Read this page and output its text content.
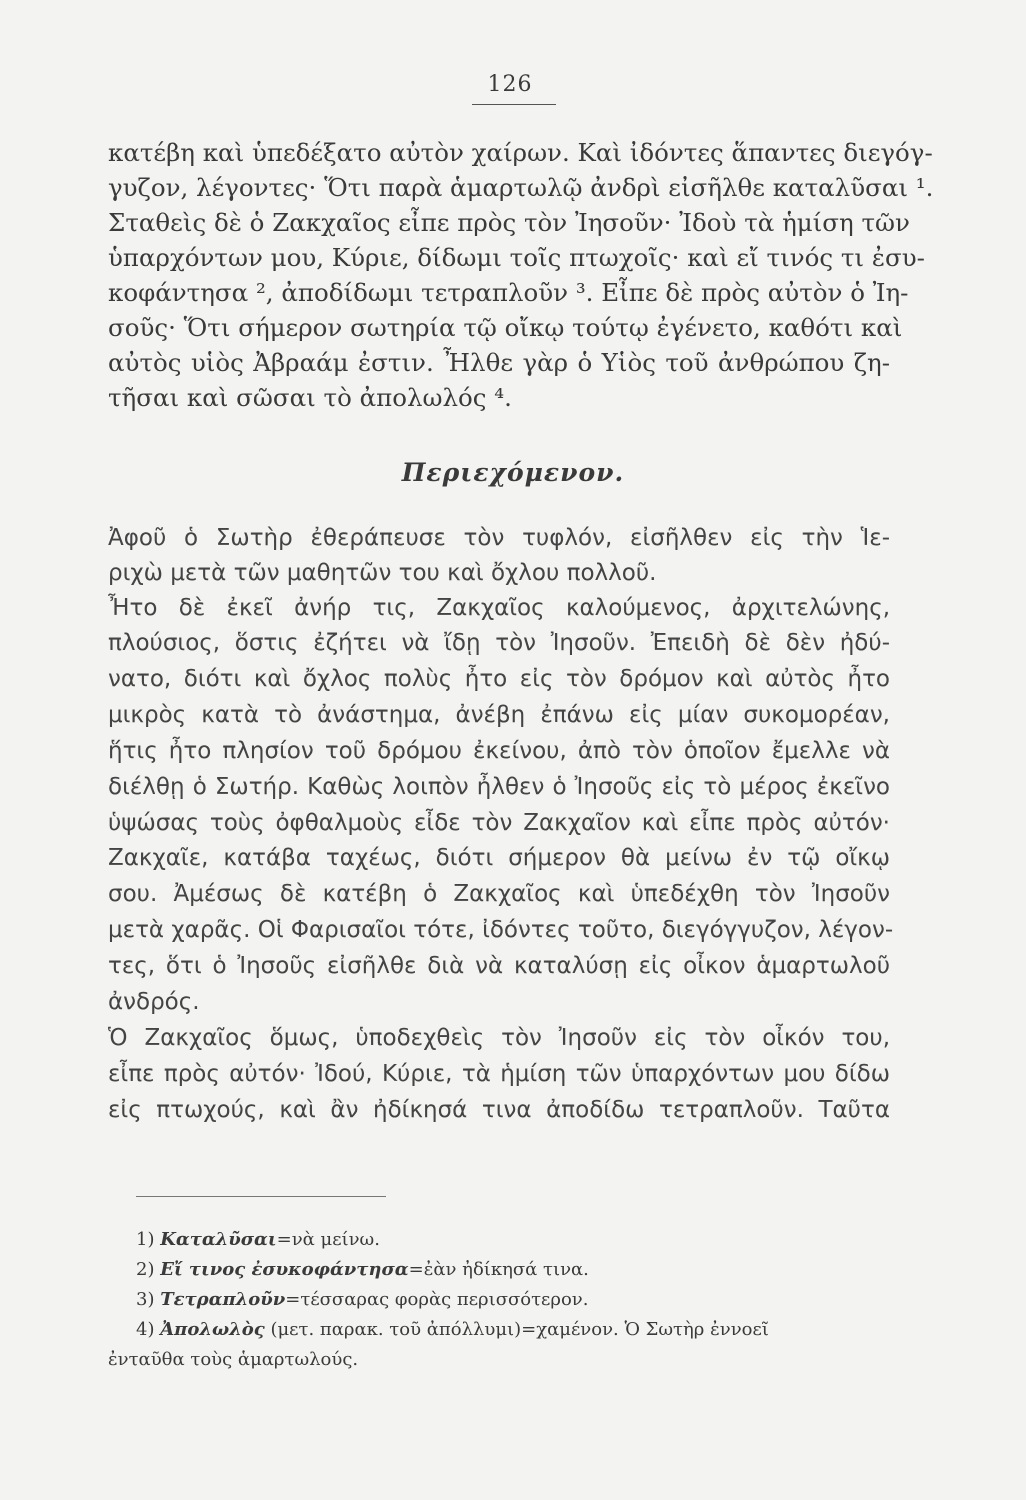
126
κατέβη καὶ ὑπεδέξατο αὐτὸν χαίρων. Καὶ ἰδόντες ἅπαντες διεγόγ-
γυζον, λέγοντες· Ὅτι παρὰ ἁμαρτωλῷ ἀνδρὶ εἰσῆλθε καταλῦσαι ¹.
Σταθεὶς δὲ ὁ Ζακχαῖος εἶπε πρὸς τὸν Ἰησοῦν· Ἰδοὺ τὰ ἡμίση τῶν
ὑπαρχόντων μου, Κύριε, δίδωμι τοῖς πτωχοῖς· καὶ εἴ τινός τι ἐσυ-
κοφάντησα ², ἀποδίδωμι τετραπλοῦν ³. Εἶπε δὲ πρὸς αὐτὸν ὁ Ἰη-
σοῦς· Ὅτι σήμερον σωτηρία τῷ οἴκῳ τούτῳ ἐγένετο, καθότι καὶ
αὐτὸς υἱὸς Ἀβραάμ ἐστιν. Ἦλθε γὰρ ὁ Υἱὸς τοῦ ἀνθρώπου ζη-
τῆσαι καὶ σῶσαι τὸ ἀπολωλός ⁴.
Περιεχόμενον.
Ἀφοῦ ὁ Σωτὴρ ἐθεράπευσε τὸν τυφλόν, εἰσῆλθεν εἰς τὴν Ἱε-
ριχὼ μετὰ τῶν μαθητῶν του καὶ ὄχλου πολλοῦ.
Ἦτο δὲ ἐκεῖ ἀνήρ τις, Ζακχαῖος καλούμενος, ἀρχιτελώνης,
πλούσιος, ὅστις ἐζήτει νὰ ἴδῃ τὸν Ἰησοῦν. Ἐπειδὴ δὲ δὲν ἠδύ-
νατο, διότι καὶ ὄχλος πολὺς ἦτο εἰς τὸν δρόμον καὶ αὐτὸς ἦτο
μικρὸς κατὰ τὸ ἀνάστημα, ἀνέβη ἐπάνω εἰς μίαν συκομορέαν,
ἥτις ἦτο πλησίον τοῦ δρόμου ἐκείνου, ἀπὸ τὸν ὁποῖον ἔμελλε νὰ
διέλθῃ ὁ Σωτήρ. Καθὼς λοιπὸν ἦλθεν ὁ Ἰησοῦς εἰς τὸ μέρος ἐκεῖνο
ὑψώσας τοὺς ὀφθαλμοὺς εἶδε τὸν Ζακχαῖον καὶ εἶπε πρὸς αὐτόν·
Ζακχαῖε, κατάβα ταχέως, διότι σήμερον θὰ μείνω ἐν τῷ οἴκῳ
σου. Ἀμέσως δὲ κατέβη ὁ Ζακχαῖος καὶ ὑπεδέχθη τὸν Ἰησοῦν
μετὰ χαρᾶς. Οἱ Φαρισαῖοι τότε, ἰδόντες τοῦτο, διεγόγγυζον, λέγον-
τες, ὅτι ὁ Ἰησοῦς εἰσῆλθε διὰ νὰ καταλύσῃ εἰς οἶκον ἁμαρτωλοῦ
ἀνδρός.
Ὁ Ζακχαῖος ὅμως, ὑποδεχθεὶς τὸν Ἰησοῦν εἰς τὸν οἶκόν του,
εἶπε πρὸς αὐτόν· Ἰδού, Κύριε, τὰ ἡμίση τῶν ὑπαρχόντων μου δίδω
εἰς πτωχούς, καὶ ἂν ἠδίκησά τινα ἀποδίδω τετραπλοῦν. Ταῦτα
1) Καταλῦσαι=νὰ μείνω.
2) Εἴ τινος ἐσυκοφάντησα=ἐὰν ἠδίκησά τινα.
3) Τετραπλοῦν=τέσσαρας φορὰς περισσότερον.
4) Ἀπολωλὸς (μετ. παρακ. τοῦ ἀπόλλυμι)=χαμένον. Ὁ Σωτὴρ ἐννοεῖ
ἐνταῦθα τοὺς ἁμαρτωλούς.
